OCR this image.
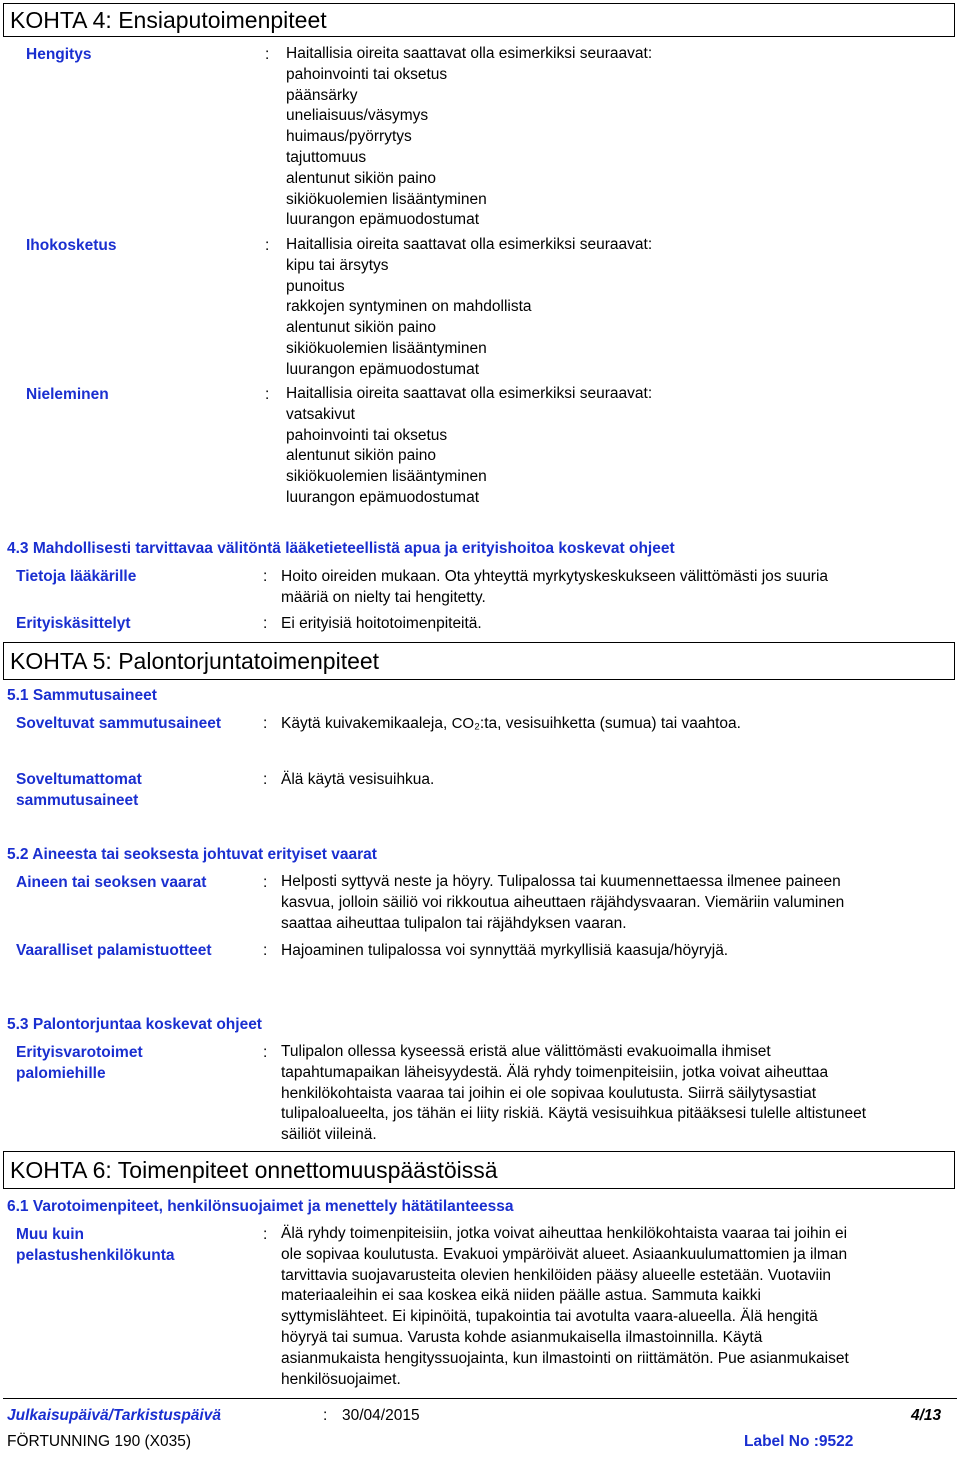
KOHTA 4: Ensiaputoimenpiteet
Hengitys	: Haitallisia oireita saattavat olla esimerkiksi seuraavat:
pahoinvointi tai oksetus
päänsärky
uneliaisuus/väsymys
huimaus/pyörrytys
tajuttomuus
alentunut sikiön paino
sikiökuolemien lisääntyminen
luurangon epämuodostumat
Ihokosketus	: Haitallisia oireita saattavat olla esimerkiksi seuraavat:
kipu tai ärsytys
punoitus
rakkojen syntyminen on mahdollista
alentunut sikiön paino
sikiökuolemien lisääntyminen
luurangon epämuodostumat
Nieleminen	: Haitallisia oireita saattavat olla esimerkiksi seuraavat:
vatsakivut
pahoinvointi tai oksetus
alentunut sikiön paino
sikiökuolemien lisääntyminen
luurangon epämuodostumat
4.3 Mahdollisesti tarvittavaa välitöntä lääketieteellistä apua ja erityishoitoa koskevat ohjeet
Tietoja lääkärille	: Hoito oireiden mukaan. Ota yhteyttä myrkytyskeskukseen välittömästi jos suuria
määriä on nielty tai hengitetty.
Erityiskäsittelyt	: Ei erityisiä hoitotoimenpiteitä.
KOHTA 5: Palontorjuntatoimenpiteet
5.1 Sammutusaineet
Soveltuvat sammutusaineet	: Käytä kuivakemikaaleja, CO₂:ta, vesisuihketta (sumua) tai vaahtoa.
Soveltumattomat
sammutusaineet
: Älä käytä vesisuihkua.
5.2 Aineesta tai seoksesta johtuvat erityiset vaarat
Aineen tai seoksen vaarat	: Helposti syttyvä neste ja höyry. Tulipalossa tai kuumennettaessa ilmenee paineen
kasvua, jolloin säiliö voi rikkoutua aiheuttaen räjähdysvaaran. Viemäriin valuminen
saattaa aiheuttaa tulipalon tai räjähdyksen vaaran.
Vaaralliset palamistuotteet	: Hajoaminen tulipalossa voi synnyttää myrkyllisiä kaasuja/höyryjä.
5.3 Palontorjuntaa koskevat ohjeet
Erityisvarotoimet
palomiehille
: Tulipalon ollessa kyseessä eristä alue välittömästi evakuoimalla ihmiset
tapahtumapaikan läheisyydestä. Älä ryhdy toimenpiteisiin, jotka voivat aiheuttaa
henkilökohtaista vaaraa tai joihin ei ole sopivaa koulutusta. Siirrä säilytysastiat
tulipaloalueelta, jos tähän ei liity riskiä. Käytä vesisuihkua pitääksesi tulelle altistuneet
säiliöt viileinä.
KOHTA 6: Toimenpiteet onnettomuuspäästöissä
6.1 Varotoimenpiteet, henkilönsuojaimet ja menettely hätätilanteessa
Muu kuin
pelastushenkilökunta
: Älä ryhdy toimenpiteisiin, jotka voivat aiheuttaa henkilökohtaista vaaraa tai joihin ei
ole sopivaa koulutusta. Evakuoi ympäröivät alueet. Asiaankuulumattomien ja ilman
tarvittavia suojavarusteita olevien henkilöiden pääsy alueelle estetään. Vuotaviin
materiaaleihin ei saa koskea eikä niiden päälle astua. Sammuta kaikki
syttymislähteet. Ei kipinöitä, tupakointia tai avotulta vaara-alueella. Älä hengitä
höyryä tai sumua. Varusta kohde asianmukaisella ilmastoinnilla. Käytä
asianmukaista hengityssuojainta, kun ilmastointi on riittämätön. Pue asianmukaiset
henkilösuojaimet.
Julkaisupäivä/Tarkistuspäivä	: 30/04/2015	4/13
FÖRTUNNING 190 (X035)	Label No :9522
